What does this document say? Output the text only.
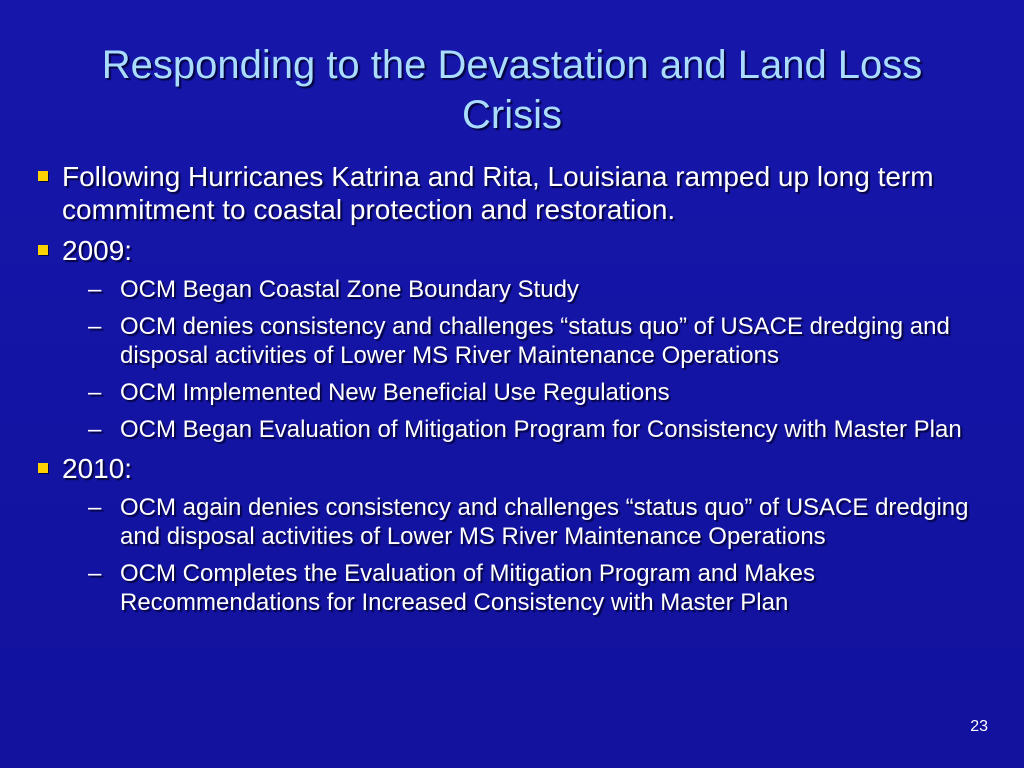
Responding to the Devastation and Land Loss Crisis
Following Hurricanes Katrina and Rita, Louisiana ramped up long term commitment to coastal protection and restoration.
2009:
– OCM Began Coastal Zone Boundary Study
– OCM denies consistency and challenges “status quo” of USACE dredging and disposal activities of Lower MS River Maintenance Operations
– OCM Implemented New Beneficial Use Regulations
– OCM Began Evaluation of Mitigation Program for Consistency with Master Plan
2010:
– OCM again denies consistency and challenges “status quo” of USACE dredging and disposal activities of Lower MS River Maintenance Operations
– OCM Completes the Evaluation of Mitigation Program and Makes Recommendations for Increased Consistency with Master Plan
23
